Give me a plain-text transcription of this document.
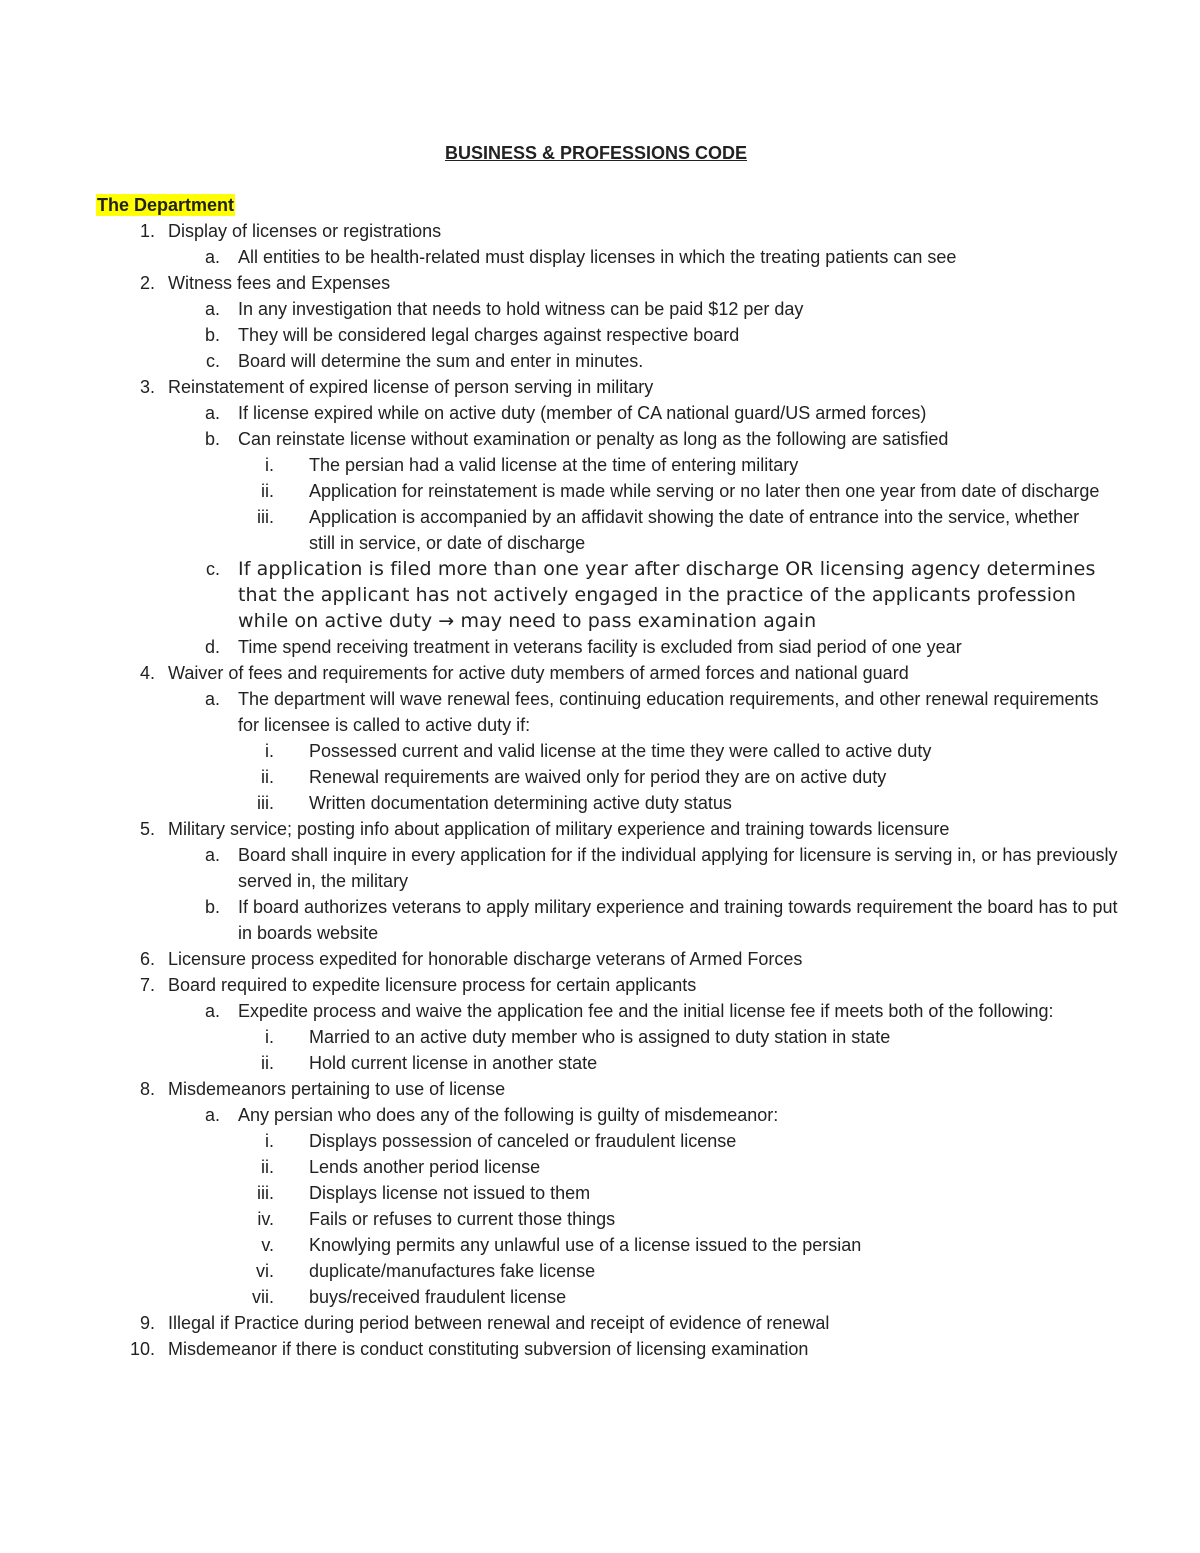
BUSINESS & PROFESSIONS CODE
The Department
1. Display of licenses or registrations
a. All entities to be health-related must display licenses in which the treating patients can see
2. Witness fees and Expenses
a. In any investigation that needs to hold witness can be paid $12 per day
b. They will be considered legal charges against respective board
c. Board will determine the sum and enter in minutes.
3. Reinstatement of expired license of person serving in military
a. If license expired while on active duty (member of CA national guard/US armed forces)
b. Can reinstate license without examination or penalty as long as the following are satisfied
i. The persian had a valid license at the time of entering military
ii. Application for reinstatement is made while serving or no later then one year from date of discharge
iii. Application is accompanied by an affidavit showing the date of entrance into the service, whether still in service, or date of discharge
c. If application is filed more than one year after discharge OR licensing agency determines that the applicant has not actively engaged in the practice of the applicants profession while on active duty → may need to pass examination again
d. Time spend receiving treatment in veterans facility is excluded from siad period of one year
4. Waiver of fees and requirements for active duty members of armed forces and national guard
a. The department will wave renewal fees, continuing education requirements, and other renewal requirements for licensee is called to active duty if:
i. Possessed current and valid license at the time they were called to active duty
ii. Renewal requirements are waived only for period they are on active duty
iii. Written documentation determining active duty status
5. Military service; posting info about application of military experience and training towards licensure
a. Board shall inquire in every application for if the individual applying for licensure is serving in, or has previously served in, the military
b. If board authorizes veterans to apply military experience and training towards requirement the board has to put in boards website
6. Licensure process expedited for honorable discharge veterans of Armed Forces
7. Board required to expedite licensure process for certain applicants
a. Expedite process and waive the application fee and the initial license fee if meets both of the following:
i. Married to an active duty member who is assigned to duty station in state
ii. Hold current license in another state
8. Misdemeanors pertaining to use of license
a. Any persian who does any of the following is guilty of misdemeanor:
i. Displays possession of canceled or fraudulent license
ii. Lends another period license
iii. Displays license not issued to them
iv. Fails or refuses to current those things
v. Knowlying permits any unlawful use of a license issued to the persian
vi. duplicate/manufactures fake license
vii. buys/received fraudulent license
9. Illegal if Practice during period between renewal and receipt of evidence of renewal
10. Misdemeanor if there is conduct constituting subversion of licensing examination
